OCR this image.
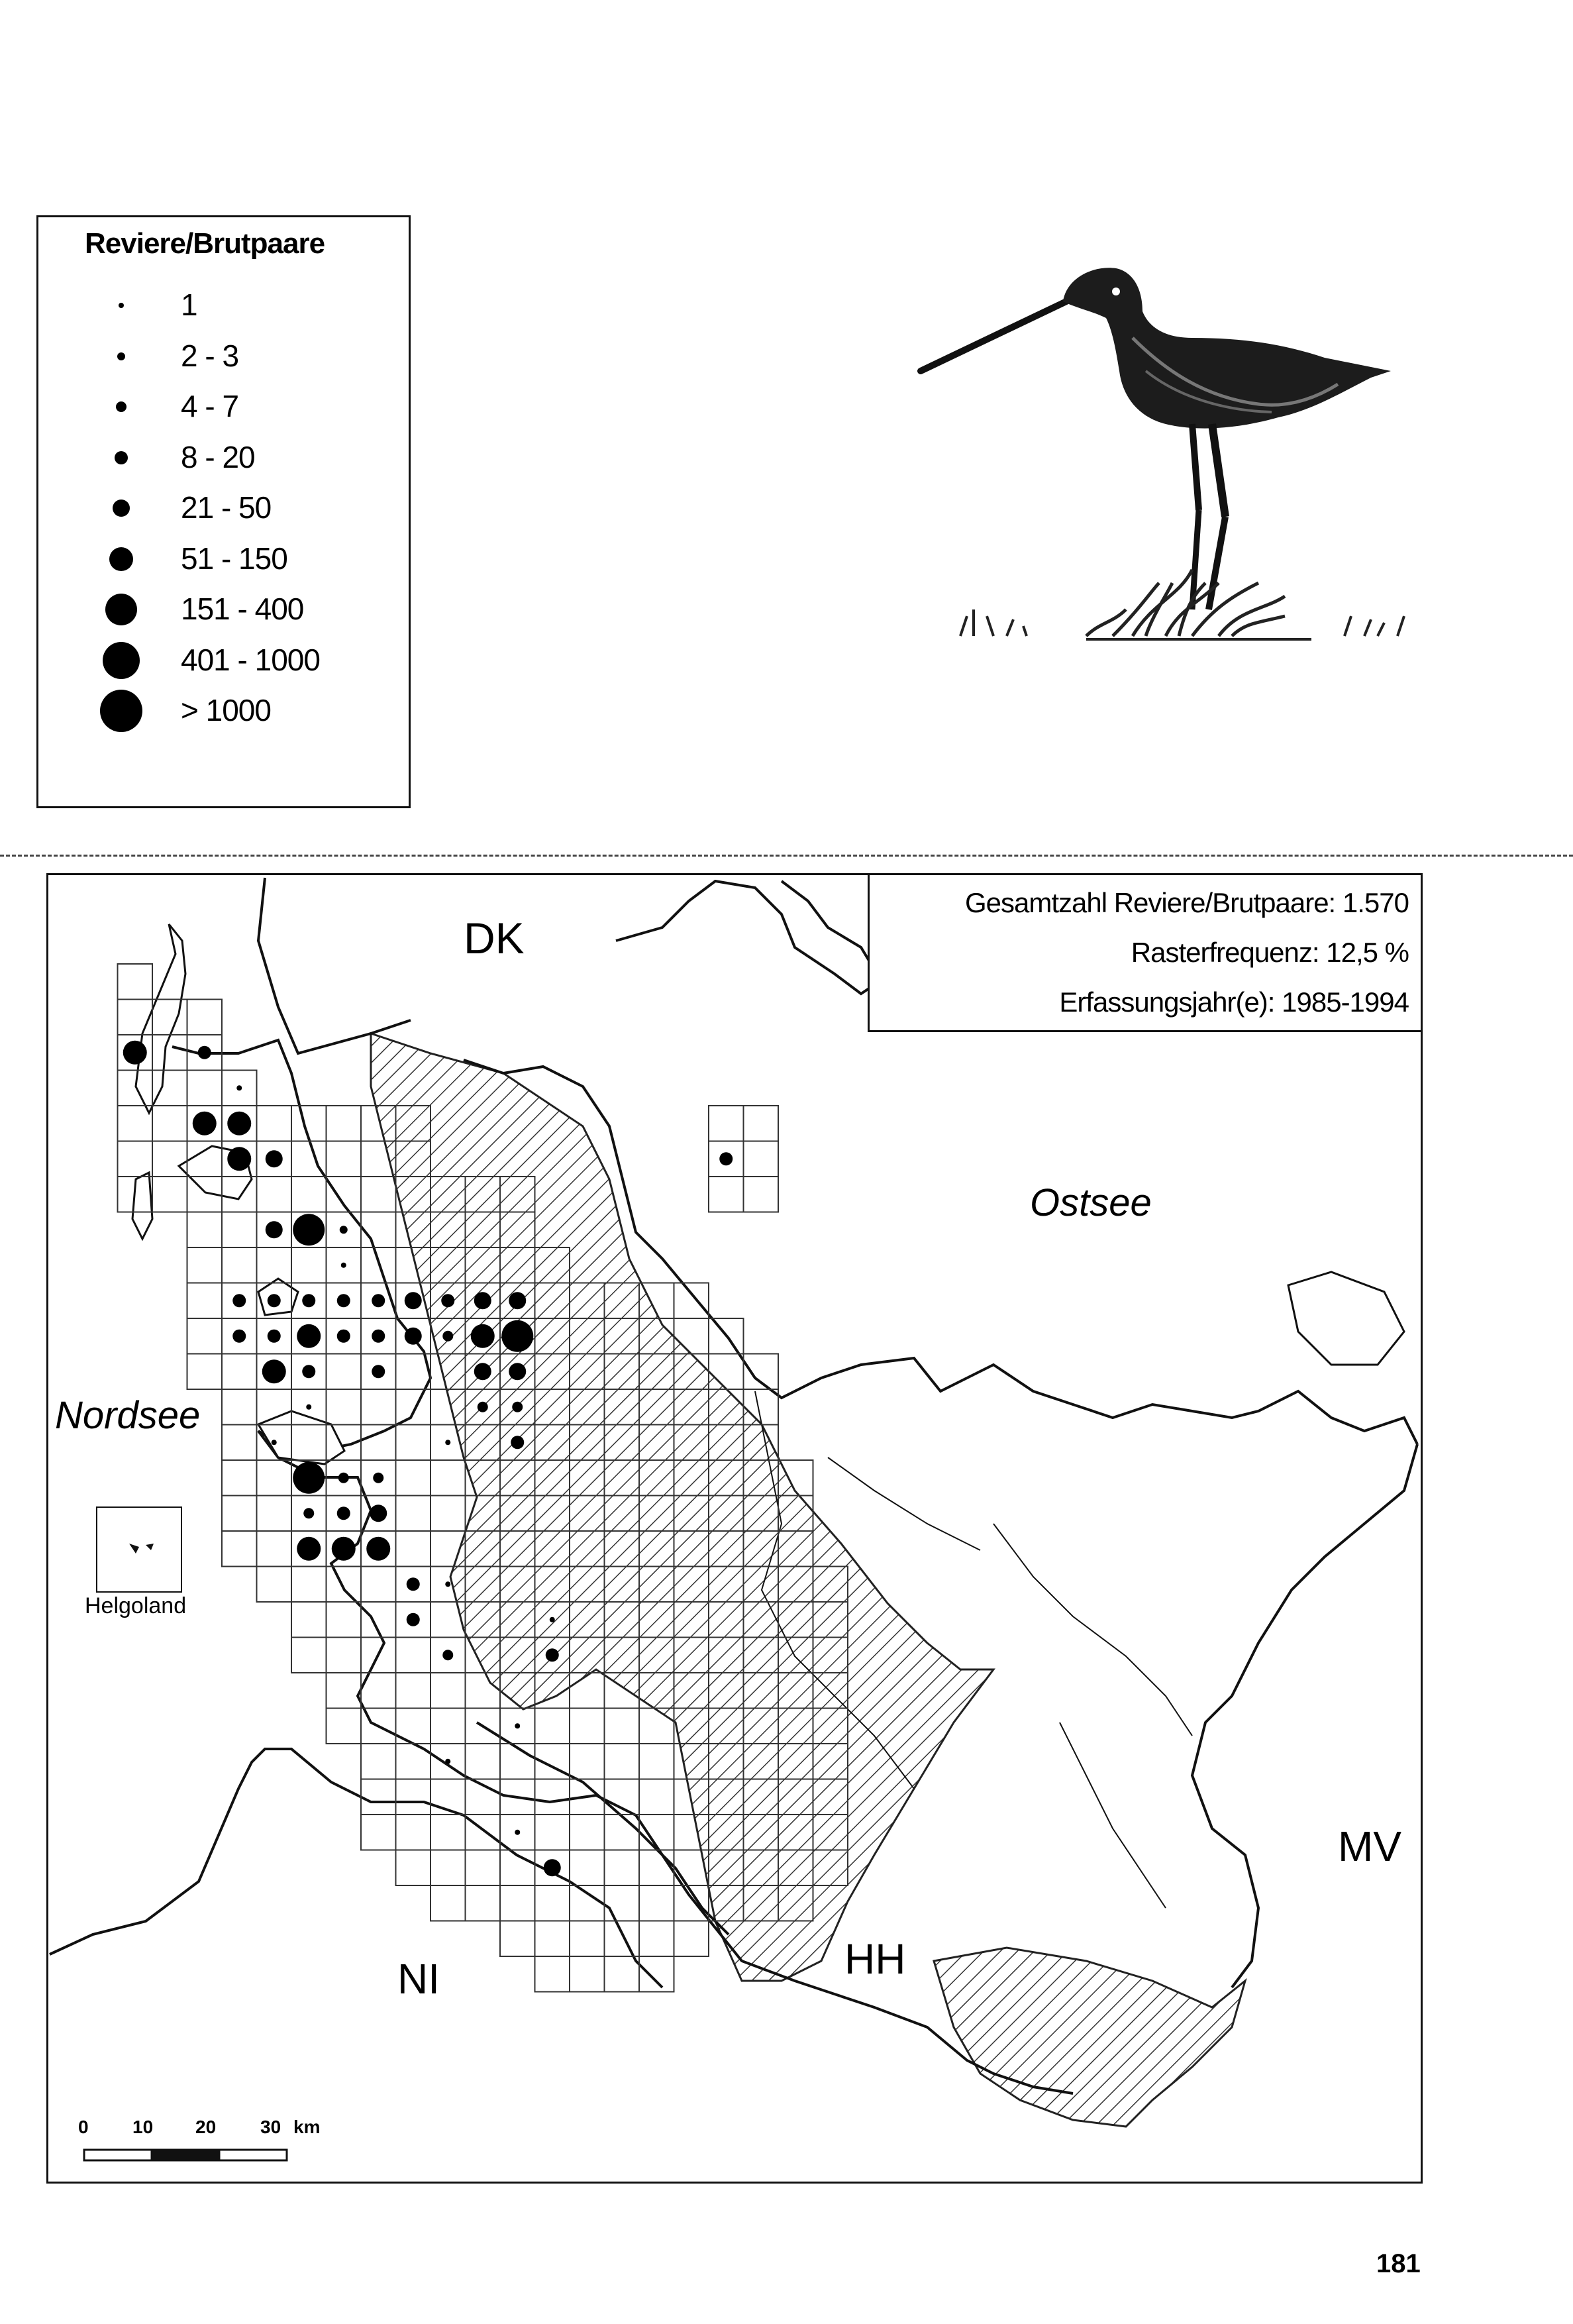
Reviere/Brutpaare
1
2 - 3
4 - 7
8 - 20
21 - 50
51 - 150
151 - 400
401 - 1000
> 1000
Gesamtzahl Reviere/Brutpaare: 1.570
Rasterfrequenz: 12,5 %
Erfassungsjahr(e): 1985-1994
DK
Ostsee
Nordsee
Helgoland
MV
NI	HH
0 10 20 30 km
181
